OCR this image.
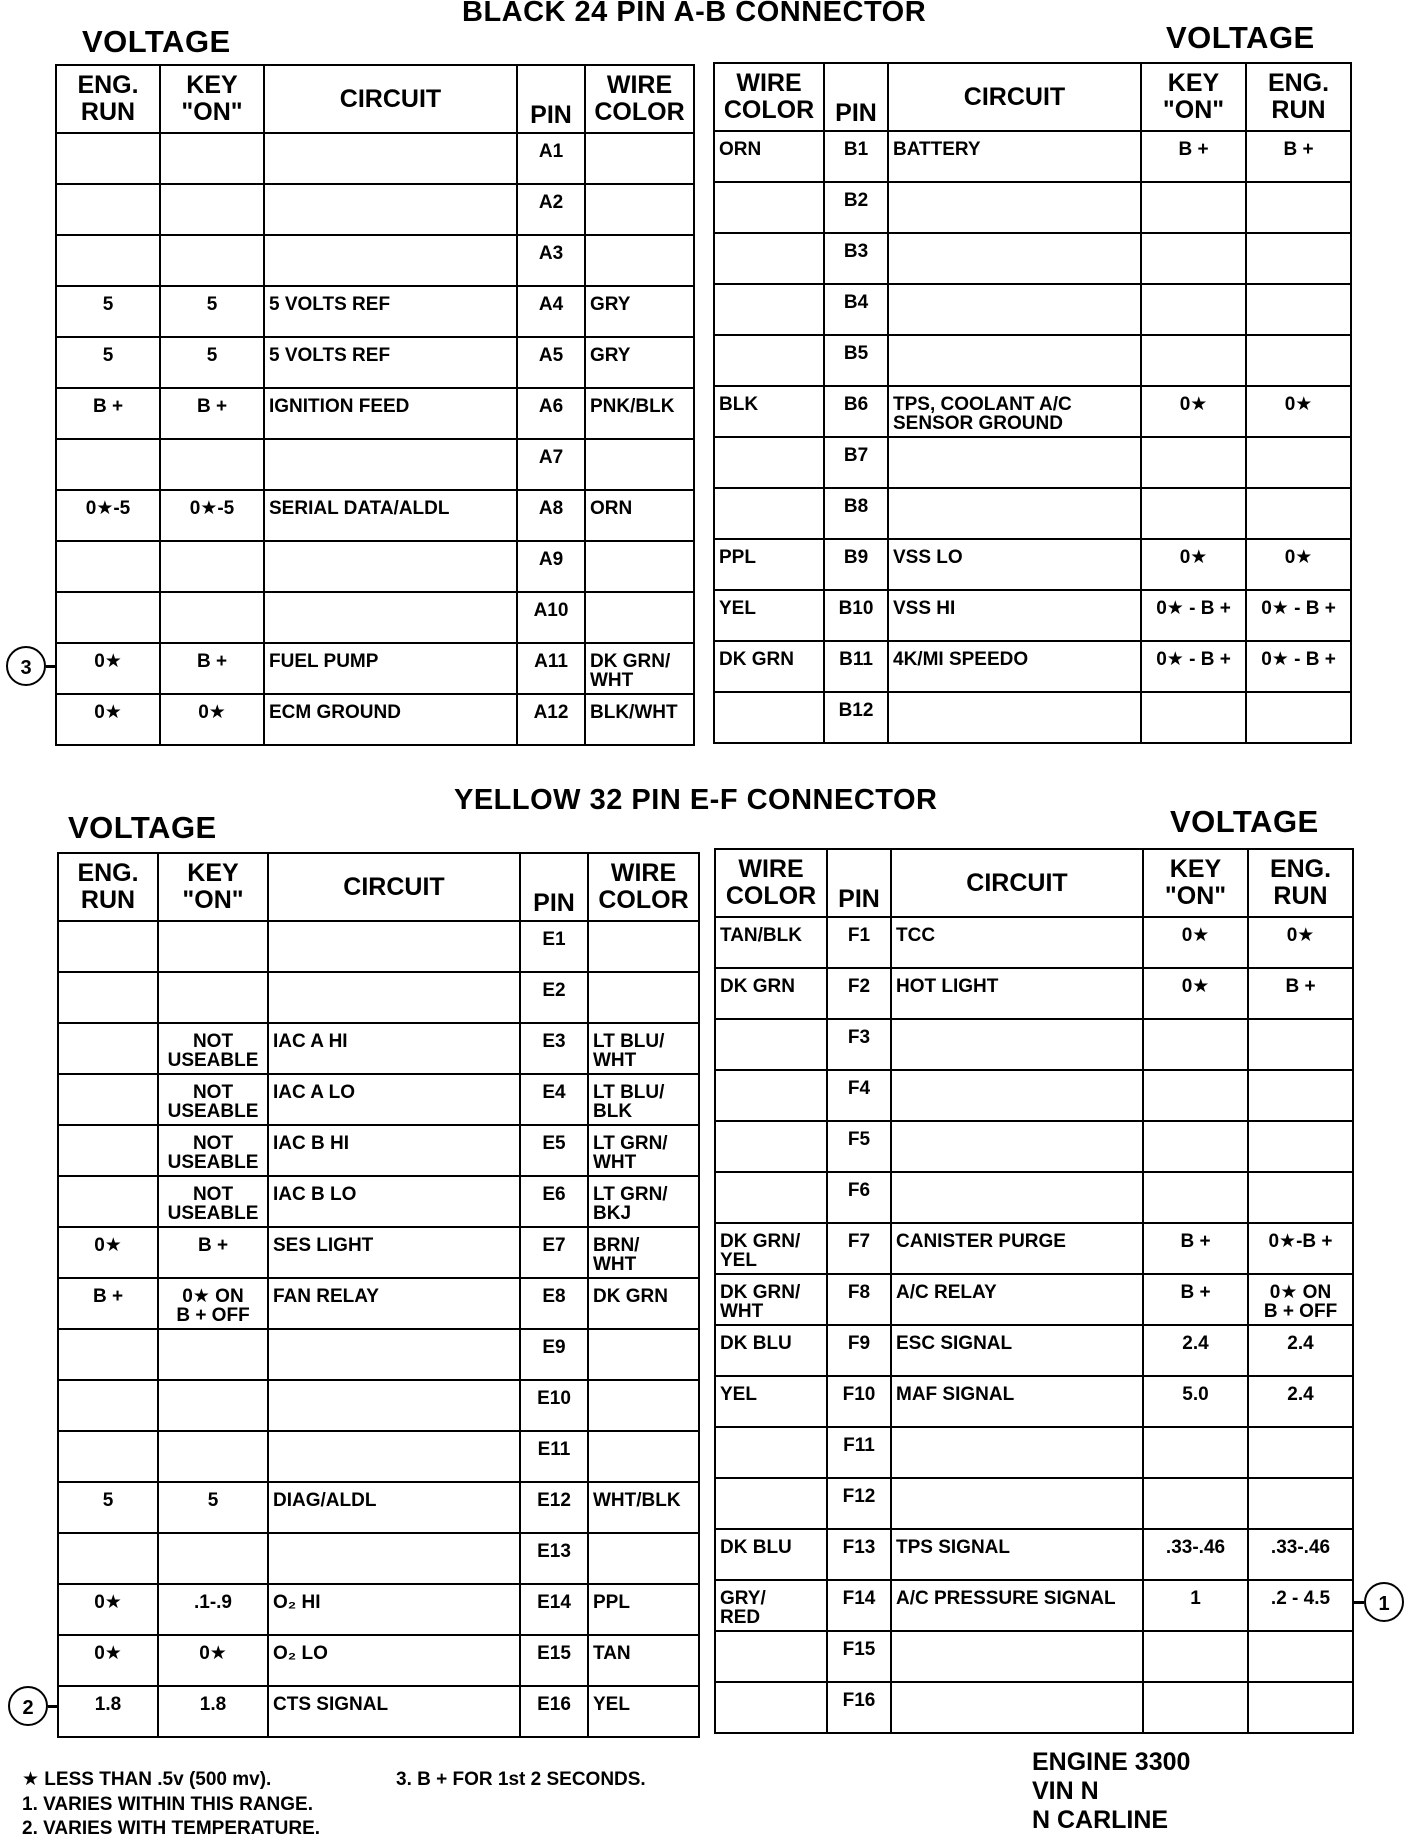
BLACK 24 PIN A-B CONNECTOR
VOLTAGE	VOLTAGE
ENG. RUN	KEY "ON"	CIRCUIT	PIN	WIRE COLOR
			A1	
			A2	
			A3	
5	5	5 VOLTS REF	A4	GRY
5	5	5 VOLTS REF	A5	GRY
B +	B +	IGNITION FEED	A6	PNK/BLK
			A7	
0★-5	0★-5	SERIAL DATA/ALDL	A8	ORN
			A9	
			A10	
0★	B +	FUEL PUMP	A11	DK GRN/
WHT
0★	0★	ECM GROUND	A12	BLK/WHT
WIRE COLOR	PIN	CIRCUIT	KEY "ON"	ENG. RUN
ORN	B1	BATTERY	B +	B +
	B2			
	B3			
	B4			
	B5			
BLK	B6	TPS, COOLANT A/C
SENSOR GROUND	0★	0★
	B7			
	B8			
PPL	B9	VSS LO	0★	0★
YEL	B10	VSS HI	0★ - B +	0★ - B +
DK GRN	B11	4K/MI SPEEDO	0★ - B +	0★ - B +
	B12			
3
YELLOW 32 PIN E-F CONNECTOR
VOLTAGE	VOLTAGE
ENG. RUN	KEY "ON"	CIRCUIT	PIN	WIRE COLOR
			E1	
			E2	
	NOT
USEABLE	IAC A HI	E3	LT BLU/
WHT
	NOT
USEABLE	IAC A LO	E4	LT BLU/
BLK
	NOT
USEABLE	IAC B HI	E5	LT GRN/
WHT
	NOT
USEABLE	IAC B LO	E6	LT GRN/
BKJ
0★	B +	SES LIGHT	E7	BRN/
WHT
B +	0★ ON
B + OFF	FAN RELAY	E8	DK GRN
			E9	
			E10	
			E11	
5	5	DIAG/ALDL	E12	WHT/BLK
			E13	
0★	.1-.9	O₂ HI	E14	PPL
0★	0★	O₂ LO	E15	TAN
1.8	1.8	CTS SIGNAL	E16	YEL
WIRE COLOR	PIN	CIRCUIT	KEY "ON"	ENG. RUN
TAN/BLK	F1	TCC	0★	0★
DK GRN	F2	HOT LIGHT	0★	B +
	F3			
	F4			
	F5			
	F6			
DK GRN/
YEL	F7	CANISTER PURGE	B +	0★-B +
DK GRN/
WHT	F8	A/C RELAY	B +	0★ ON
B + OFF
DK BLU	F9	ESC SIGNAL	2.4	2.4
YEL	F10	MAF SIGNAL	5.0	2.4
	F11			
	F12			
DK BLU	F13	TPS SIGNAL	.33-.46	.33-.46
GRY/
RED	F14	A/C PRESSURE SIGNAL	1	.2 - 4.5
	F15			
	F16			
2
1
★ LESS THAN .5v (500 mv).
1. VARIES WITHIN THIS RANGE.
2. VARIES WITH TEMPERATURE.
3. B + FOR 1st 2 SECONDS.
ENGINE 3300
VIN N
N CARLINE
